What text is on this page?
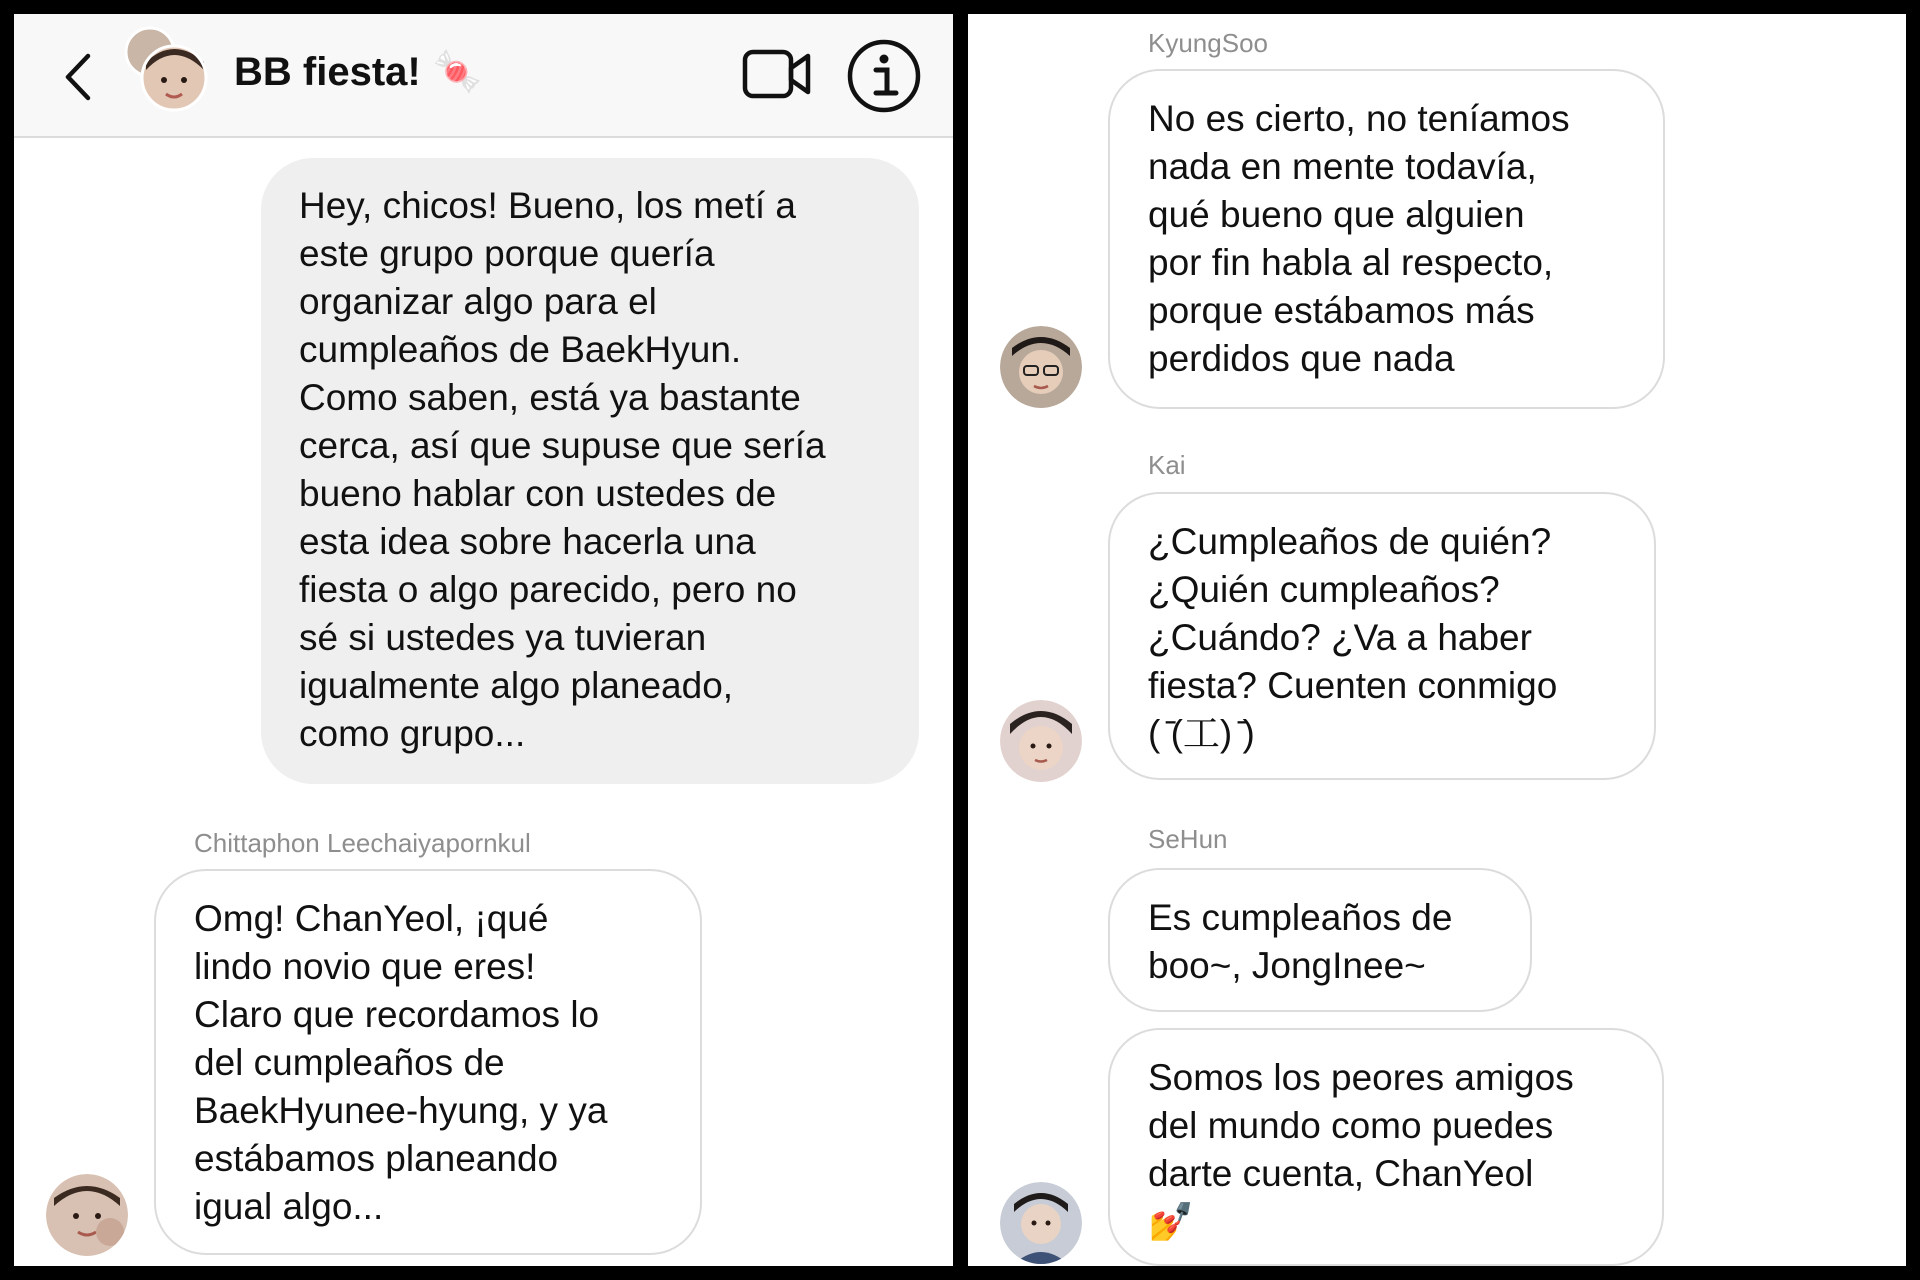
BB fiesta! 🍬
Hey, chicos! Bueno, los metí a
este grupo porque quería
organizar algo para el
cumpleaños de BaekHyun.
Como saben, está ya bastante
cerca, así que supuse que sería
bueno hablar con ustedes de
esta idea sobre hacerla una
fiesta o algo parecido, pero no
sé si ustedes ya tuvieran
igualmente algo planeado,
como grupo...
Chittaphon Leechaiyapornkul
Omg! ChanYeol, ¡qué
lindo novio que eres!
Claro que recordamos lo
del cumpleaños de
BaekHyunee-hyung, y ya
estábamos planeando
igual algo...
KyungSoo
No es cierto, no teníamos
nada en mente todavía,
qué bueno que alguien
por fin habla al respecto,
porque estábamos más
perdidos que nada
Kai
¿Cumpleaños de quién?
¿Quién cumpleaños?
¿Cuándo? ¿Va a haber
fiesta? Cuenten conmigo
( ̄(工) ̄)
SeHun
Es cumpleaños de
boo~, JongInee~
Somos los peores amigos
del mundo como puedes
darte cuenta, ChanYeol
💅
